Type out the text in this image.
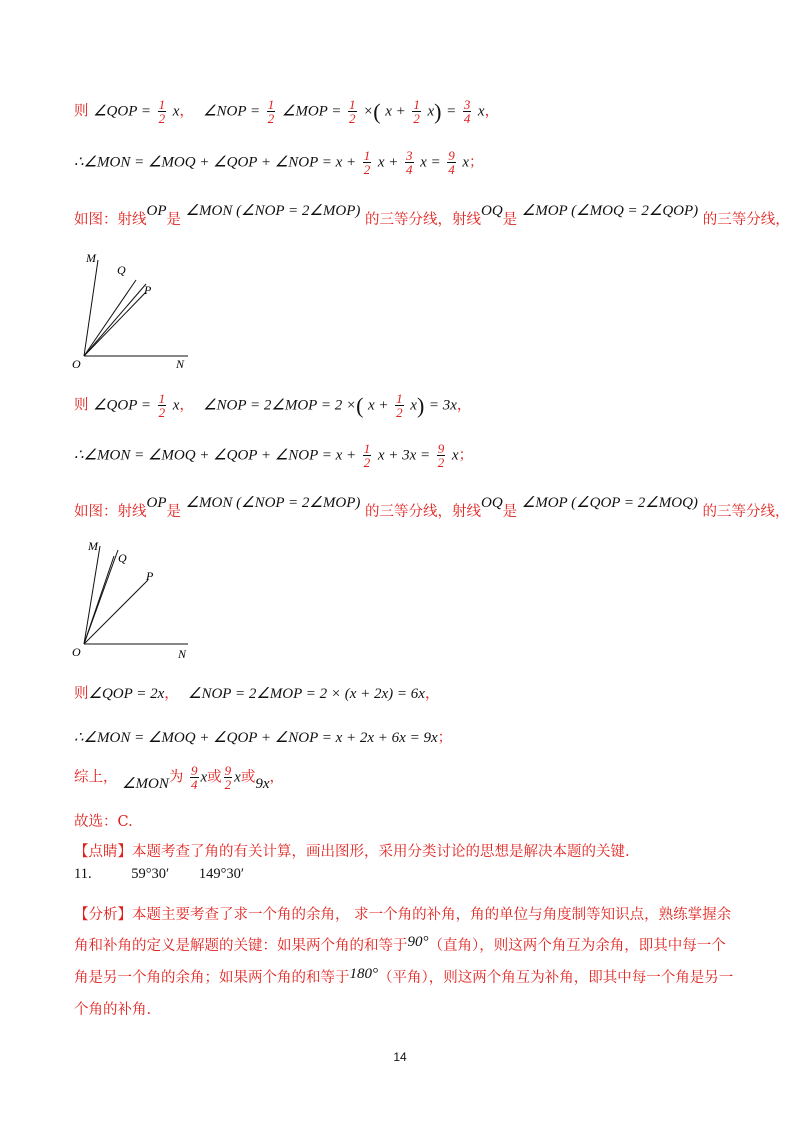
则 ∠QOP = $\frac{1}{2}$ x， ∠NOP = $\frac{1}{2}$ ∠MOP = $\frac{1}{2}$ ×( $x + \frac{1}{2} x) = \frac{3}{4}$ x，
∴∠MON = ∠MOQ + ∠QOP + ∠NOP = $x + \frac{1}{2}$ $x + \frac{3}{4}$ $x = \frac{9}{4}$ x；
如图：射线OP是 ∠MON (∠NOP = 2∠MOP) 的三等分线，射线OQ是 ∠MOP (∠MOQ = 2∠QOP) 的三等分线，
M
Q
P
O	N
则 ∠QOP = $\frac{1}{2}$ x， ∠NOP = 2∠MOP = 2 ×( $x + \frac{1}{2} x) = 3x$，
∴∠MON = ∠MOQ + ∠QOP + ∠NOP = $x + \frac{1}{2}$ $x + 3x = \frac{9}{2}$ x；
如图：射线OP是 ∠MON (∠NOP = 2∠MOP) 的三等分线，射线OQ是 ∠MOP (∠QOP = 2∠MOQ) 的三等分线，
M
Q
P
O	N
则∠QOP = 2x， ∠NOP = 2∠MOP = 2 × (x + 2x) = 6x，
∴∠MON = ∠MOQ + ∠QOP + ∠NOP = x + 2x + 6x = 9x；
综上， ∠MON为 $\frac{9}{4}$ x或 $\frac{9}{2}$ x或9x，
故选：C.
【点睛】本题考查了角的有关计算，画出图形，采用分类讨论的思想是解决本题的关键.
11.	59°30′ 149°30′
【分析】本题主要考查了求一个角的余角， 求一个角的补角，角的单位与角度制等知识点，熟练掌握余
角和补角的定义是解题的关键：如果两个角的和等于90°（直角），则这两个角互为余角，即其中每一个
角是另一个角的余角；如果两个角的和等于180°（平角），则这两个角互为补角，即其中每一个角是另一
个角的补角.
14
